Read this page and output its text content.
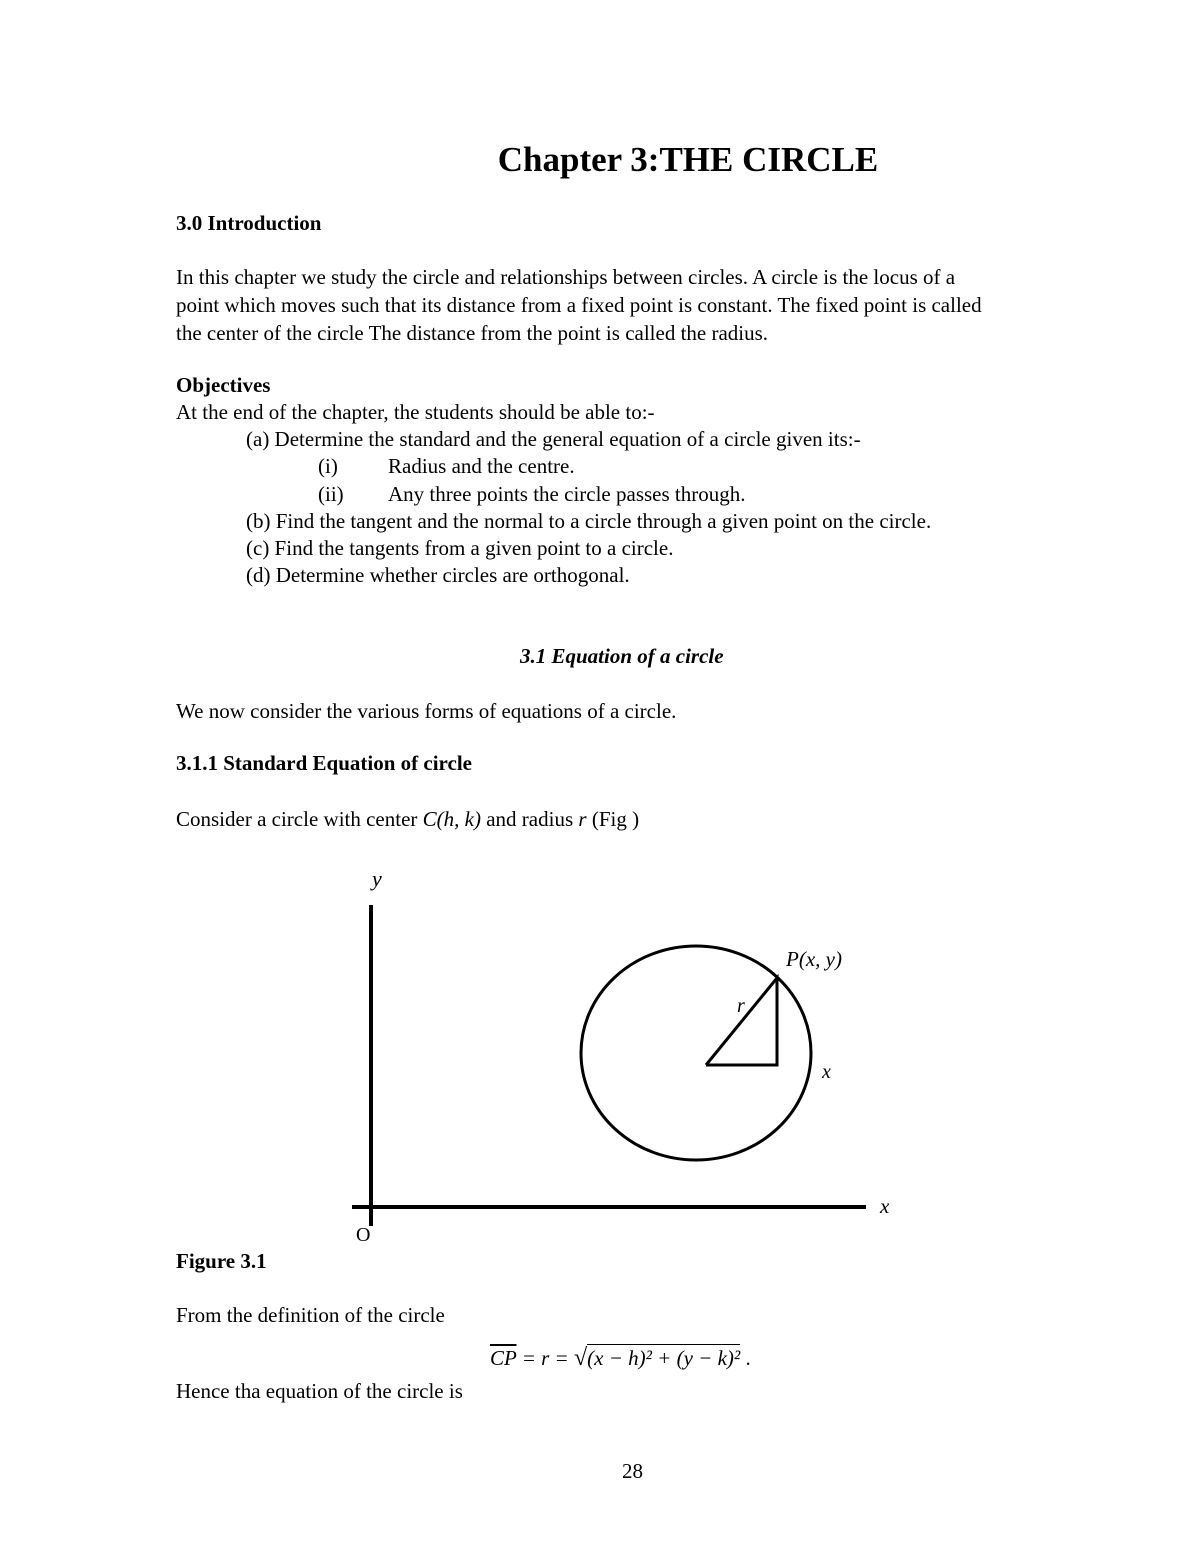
Chapter 3:THE CIRCLE
3.0 Introduction
In this chapter we study the circle and relationships between circles. A circle is the locus of a
point which moves such that its distance from a fixed point is constant. The fixed point is called
the center of the circle The distance from the point is called the radius.
Objectives
At the end of the chapter, the students should be able to:-
(a) Determine the standard and the general equation of a circle given its:-
(i) Radius and the centre.
(ii) Any three points the circle passes through.
(b) Find the tangent and the normal to a circle through a given point on the circle.
(c) Find the tangents from a given point to a circle.
(d) Determine whether circles are orthogonal.
3.1 Equation of a circle
We now consider the various forms of equations of a circle.
3.1.1 Standard Equation of circle
Consider a circle with center C(h, k) and radius r (Fig )
y
x
O
P(x, y)
r
x
Figure 3.1
From the definition of the circle
$\overline{CP} = r = √(x - h)^2 + (y - k)^2$ .
Hence tha equation of the circle is
28
